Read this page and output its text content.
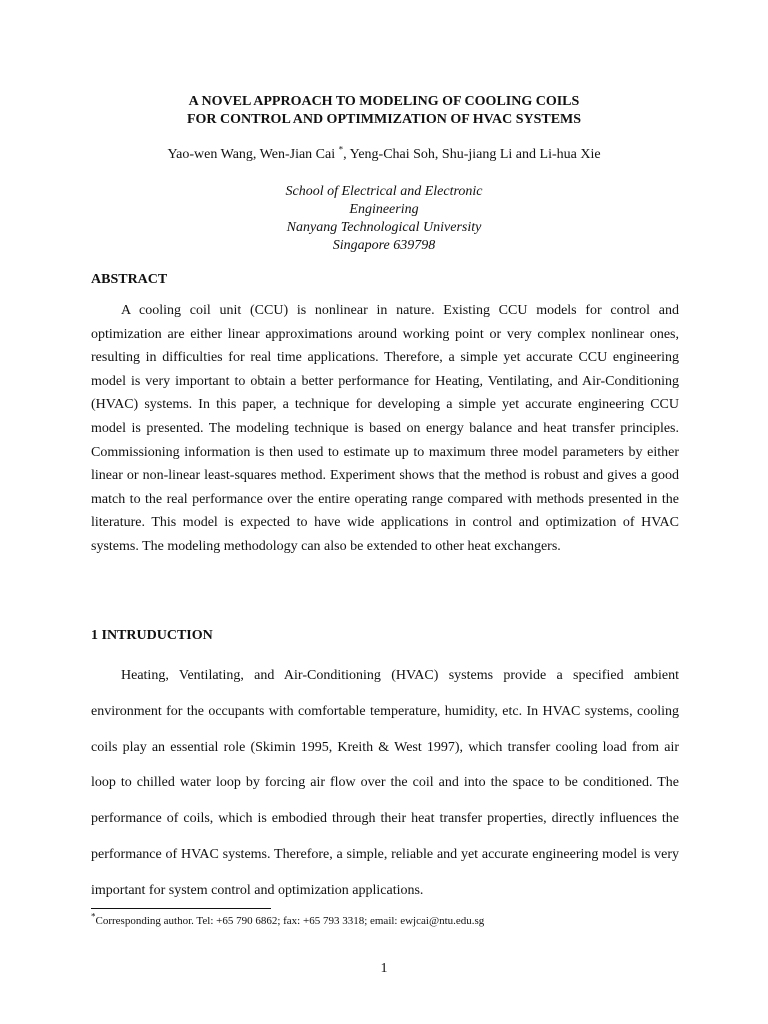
A NOVEL APPROACH TO MODELING OF COOLING COILS
FOR CONTROL AND OPTIMMIZATION OF HVAC SYSTEMS
Yao-wen Wang, Wen-Jian Cai *, Yeng-Chai Soh, Shu-jiang Li and Li-hua Xie
School of Electrical and Electronic
Engineering
Nanyang Technological University
Singapore 639798
ABSTRACT
A cooling coil unit (CCU) is nonlinear in nature. Existing CCU models for control and optimization are either linear approximations around working point or very complex nonlinear ones, resulting in difficulties for real time applications. Therefore, a simple yet accurate CCU engineering model is very important to obtain a better performance for Heating, Ventilating, and Air-Conditioning (HVAC) systems. In this paper, a technique for developing a simple yet accurate engineering CCU model is presented. The modeling technique is based on energy balance and heat transfer principles. Commissioning information is then used to estimate up to maximum three model parameters by either linear or non-linear least-squares method. Experiment shows that the method is robust and gives a good match to the real performance over the entire operating range compared with methods presented in the literature. This model is expected to have wide applications in control and optimization of HVAC systems. The modeling methodology can also be extended to other heat exchangers.
1 INTRUDUCTION
Heating, Ventilating, and Air-Conditioning (HVAC) systems provide a specified ambient environment for the occupants with comfortable temperature, humidity, etc. In HVAC systems, cooling coils play an essential role (Skimin 1995, Kreith & West 1997), which transfer cooling load from air loop to chilled water loop by forcing air flow over the coil and into the space to be conditioned. The performance of coils, which is embodied through their heat transfer properties, directly influences the performance of HVAC systems. Therefore, a simple, reliable and yet accurate engineering model is very important for system control and optimization applications.
*Corresponding author. Tel: +65 790 6862; fax: +65 793 3318; email: ewjcai@ntu.edu.sg
1
